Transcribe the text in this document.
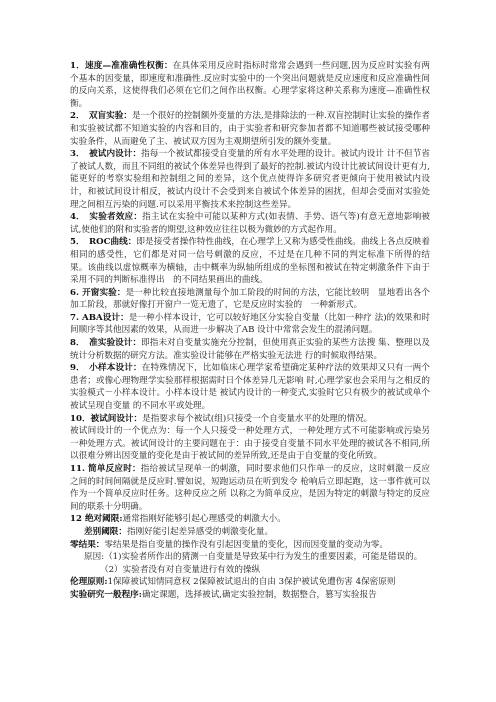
1．速度—准准确性权衡：在具体采用反应时指标时常常会遇到一些问题,因为反应时实验有两个基本的因变量，即速度和准确性.反应时实验中的一个突出问题就是反应速度和反应准确性间的反向关系，这使得我们必须在它们之间作出权衡。心理学家将这种关系称为速度—准确性权衡。

2．　双盲实验：是一个很好的控制额外变量的方法,是排除法的一种.双盲控制时让实验的操作者和实验被试都不知道实验的内容和目的，由于实验者和研究参加者都不知道哪些被试接受哪种实验条件，从而避免了主、被试双方因为主观期望所引发的额外变量。

3．　被试内设计：指每一个被试都接受自变量的所有水平处理的设计。被试内设计 计不但节省了被试人数，而且不同组的被试个体差异也得到了最好的控制.被试内设计比被试间设计更有力,能更好的考察实验组和控制组之间的差异，这个优点使得许多研究者更倾向于使用被试内设计，和被试间设计相反，被试内设计不会受到来自被试个体差异的困扰，但却会受面对实验处理之间相互污染的问题.可以采用平衡技术来控制这些差异。

4．　实验者效应：指主试在实验中可能以某种方式(如表情、手势、语气等)有意无意地影响被试,使他们的附和实验者的期望,这种效应往往以极为微妙的方式起作用。

5．　ROC曲线：即是接受者操作特性曲线，在心理学上又称为感受性曲线。曲线上各点反映着相同的感受性，它们都是对同一信号刺激的反应，不过是在几种不同的判定标准下所得的结果。该曲线以虚惊概率为横轴，击中概率为纵轴所组成的坐标图和被试在特定刺激条件下由于采用不同的判断标准得出　的不同结果画出的曲线。

6. 开窗实验：是一种比较直接地测量每个加工阶段的时间的方法，它能比较明　显地看出各个加工阶段，那就好像打开窗户一览无遗了，它是反应时实验的　一种新形式。

7. ABA设计：是一种小样本设计，它可以较好地区分实验自变量（比如一种疗 法)的效果和时间顺序等其他因素的效果，从而进一步解决了AB 设计中常常会发生的混淆问题。

8．　准实验设计：即指未对自变量实施充分控制，但使用真正实验的某些方法搜 集、整理以及统计分析数据的研究方法。准实验设计能够在严格实验无法进 行的时候取得结果。

9．　小样本设计：在特殊情况下，比如临床心理学家希望确定某种疗法的效果却又只有一两个患者；或像心理物理学实验那样根据需时日个体差异几无影响 时,心理学家也会采用与之相反的实验模式－小样本设计。小样本设计是 被试内设计的一种变式,实验时它只有极少的被试或单个被试呈现自变量 的不同水平或处理。

10．被试间设计：是指要求每个被试(组)只接受一个自变量水平的处理的情况。

被试间设计的一个优点为：每一个人只接受一种处理方式，一种处理方式不可能影响或污染另一种处理方式。被试间设计的主要问题在于：由于接受自变量不同水平处理的被试各不相同,所以很难分辨出因变量的变化是由于被试间的差异所致,还是由于自变量的变化所致。

11. 简单反应时：指给被试呈现单一的刺激，同时要求他们只作单一的反应，这时刺激－反应之间的时间间隔就是反应时.譬如说，短跑运动员在听到发令 枪响后立即起跑，这一事件就可以作为一个简单反应时任务。这种反应之所 以称之为简单反应，是因为特定的刺激与特定的反应间的联系十分明确。

12 绝对阈限:通常指刚好能够引起心理感受的刺激大小。

差别阈限：指刚好能引起差异感受的刺激变化量。

零结果：零结果是指自变量的操作没有引起因变量的变化，因而因变量的变动为零。

原因:（1)实验者所作出的猜测一自变量是导致某中行为发生的重要因素，可能是错误的。

（2）实验者没有对自变量进行有效的操纵

伦理原则:1保障被试知情同意权 2保障被试退出的自由 3保护被试免遭伤害 4保密原则

实验研究一般程序:确定课题，选择被试,确定实验控制，数据整合，篡写实验报告
